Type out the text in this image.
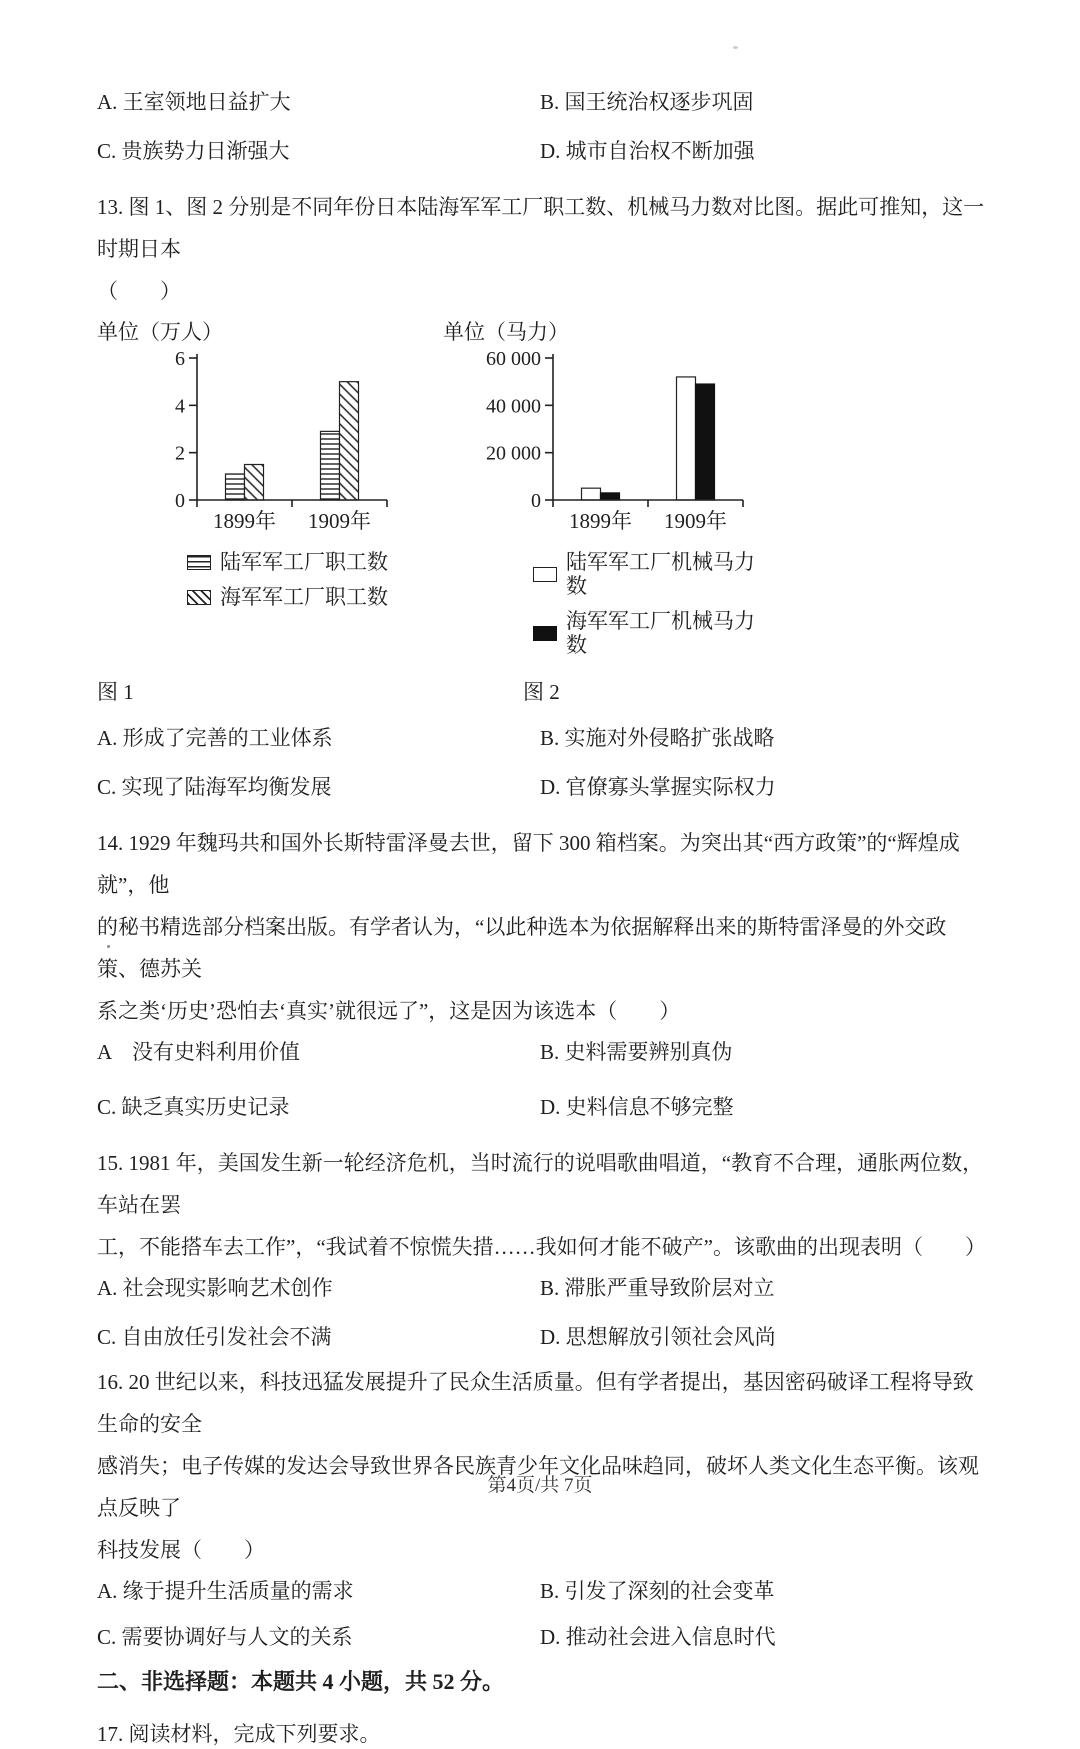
A. 王室领地日益扩大	B. 国王统治权逐步巩固
C. 贵族势力日渐强大	D. 城市自治权不断加强
13. 图 1、图 2 分别是不同年份日本陆海军军工厂职工数、机械马力数对比图。据此可推知，这一时期日本
（　　）
单位（万人）
0
2
4
6
1899年 1909年
陆军军工厂职工数
海军军工厂职工数
单位（马力）
0
20 000
40 000
60 000
1899年 1909年
陆军军工厂机械马力数
海军军工厂机械马力数
图 1	图 2
A. 形成了完善的工业体系	B. 实施对外侵略扩张战略
C. 实现了陆海军均衡发展	D. 官僚寡头掌握实际权力
14. 1929 年魏玛共和国外长斯特雷泽曼去世，留下 300 箱档案。为突出其“西方政策”的“辉煌成就”，他
的秘书精选部分档案出版。有学者认为，“以此种选本为依据解释出来的斯特雷泽曼的外交政策、德苏关
系之类‘历史’恐怕去‘真实’就很远了”，这是因为该选本（　　）
A　没有史料利用价值	B. 史料需要辨别真伪
C. 缺乏真实历史记录	D. 史料信息不够完整
15. 1981 年，美国发生新一轮经济危机，当时流行的说唱歌曲唱道，“教育不合理，通胀两位数，车站在罢
工，不能搭车去工作”，“我试着不惊慌失措……我如何才能不破产”。该歌曲的出现表明（　　）
A. 社会现实影响艺术创作	B. 滞胀严重导致阶层对立
C. 自由放任引发社会不满	D. 思想解放引领社会风尚
16. 20 世纪以来，科技迅猛发展提升了民众生活质量。但有学者提出，基因密码破译工程将导致生命的安全
感消失；电子传媒的发达会导致世界各民族青少年文化品味趋同，破坏人类文化生态平衡。该观点反映了
科技发展（　　）
A. 缘于提升生活质量的需求	B. 引发了深刻的社会变革
C. 需要协调好与人文的关系	D. 推动社会进入信息时代
二、非选择题：本题共 4 小题，共 52 分。
17. 阅读材料，完成下列要求。
第4页/共 7页
